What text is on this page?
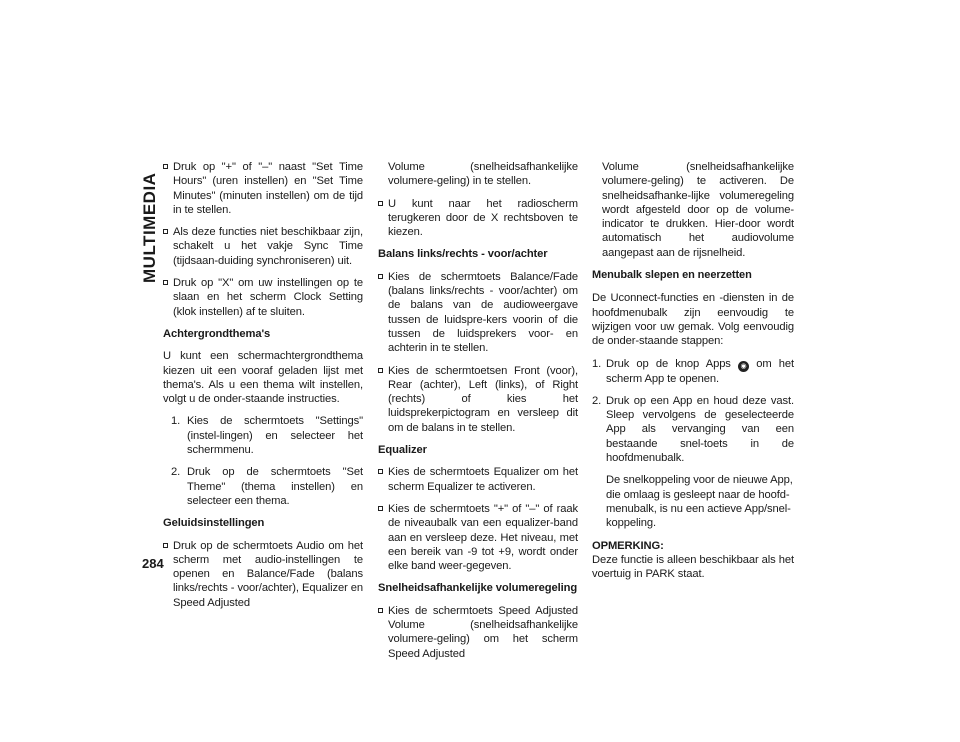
MULTIMEDIA
Druk op "+" of "–" naast "Set Time Hours" (uren instellen) en "Set Time Minutes" (minuten instellen) om de tijd in te stellen.
Als deze functies niet beschikbaar zijn, schakelt u het vakje Sync Time (tijdsaan-duiding synchroniseren) uit.
Druk op "X" om uw instellingen op te slaan en het scherm Clock Setting (klok instellen) af te sluiten.
Achtergrondthema's
U kunt een schermachtergrondthema kiezen uit een vooraf geladen lijst met thema's. Als u een thema wilt instellen, volgt u de onder-staande instructies.
1. Kies de schermtoets "Settings" (instel-lingen) en selecteer het schermmenu.
2. Druk op de schermtoets "Set Theme" (thema instellen) en selecteer een thema.
Geluidsinstellingen
Druk op de schermtoets Audio om het scherm met audio-instellingen te openen en Balance/Fade (balans links/rechts - voor/achter), Equalizer en Speed Adjusted
Volume (snelheidsafhankelijke volumere-geling) in te stellen.
U kunt naar het radioscherm terugkeren door de X rechtsboven te kiezen.
Balans links/rechts - voor/achter
Kies de schermtoets Balance/Fade (balans links/rechts - voor/achter) om de balans van de audioweergave tussen de luidspre-kers voorin of die tussen de luidsprekers voor- en achterin in te stellen.
Kies de schermtoetsen Front (voor), Rear (achter), Left (links), of Right (rechts) of kies het luidsprekerpictogram en versleep dit om de balans in te stellen.
Equalizer
Kies de schermtoets Equalizer om het scherm Equalizer te activeren.
Kies de schermtoets "+" of "–" of raak de niveaubalk van een equalizer-band aan en versleep deze. Het niveau, met een bereik van -9 tot +9, wordt onder elke band weer-gegeven.
Snelheidsafhankelijke volumeregeling
Kies de schermtoets Speed Adjusted Volume (snelheidsafhankelijke volumere-geling) om het scherm Speed Adjusted
Volume (snelheidsafhankelijke volumere-geling) te activeren. De snelheidsafhanke-lijke volumeregeling wordt afgesteld door op de volume-indicator te drukken. Hier-door wordt automatisch het audiovolume aangepast aan de rijsnelheid.
Menubalk slepen en neerzetten
De Uconnect-functies en -diensten in de hoofdmenubalk zijn eenvoudig te wijzigen voor uw gemak. Volg eenvoudig de onder-staande stappen:
1. Druk op de knop Apps ◉ om het scherm App te openen.
2. Druk op een App en houd deze vast. Sleep vervolgens de geselecteerde App als vervanging van een bestaande snel-toets in de hoofdmenubalk.
De snelkoppeling voor de nieuwe App, die omlaag is gesleept naar de hoofd-menubalk, is nu een actieve App/snel-koppeling.
OPMERKING:
Deze functie is alleen beschikbaar als het voertuig in PARK staat.
284
